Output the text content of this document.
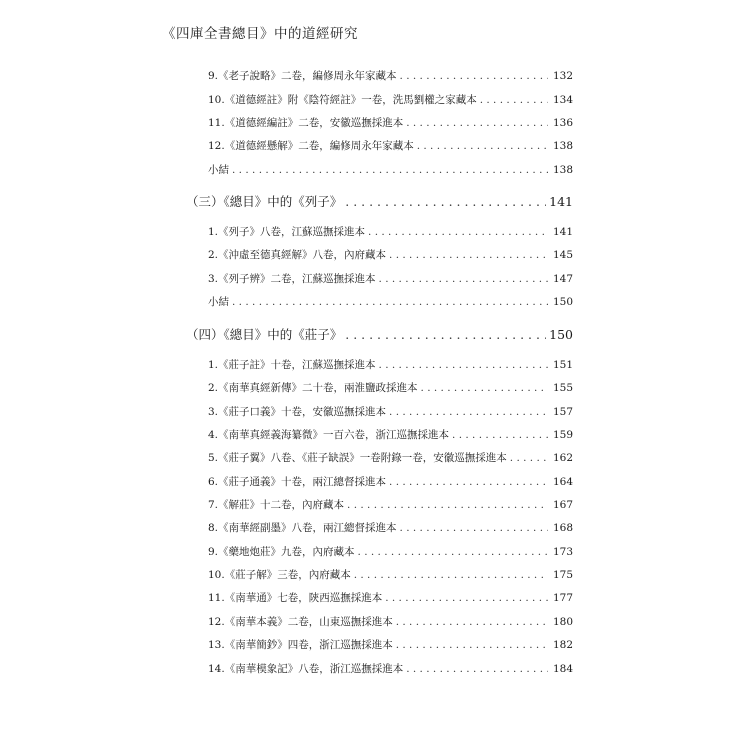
《四庫全書總目》中的道經研究
9.《老子說略》二卷，編修周永年家藏本 . . .	132
10.《道德經註》附《陰符經註》一卷，洗馬劉權之家藏本 . . .	134
11.《道德經編註》二卷，安徽巡撫採進本 . . .	136
12.《道德經懸解》二卷，編修周永年家藏本 . . .	138
小結 . . .	138
（三）《總目》中的《列子》 . . .	141
1.《列子》八卷，江蘇巡撫採進本 . . .	141
2.《沖虛至德真經解》八卷，內府藏本 . . .	145
3.《列子辨》二卷，江蘇巡撫採進本 . . .	147
小結 . . .	150
（四）《總目》中的《莊子》 . . .	150
1.《莊子註》十卷，江蘇巡撫採進本 . . .	151
2.《南華真經新傳》二十卷，兩淮鹽政採進本 . . .	155
3.《莊子口義》十卷，安徽巡撫採進本 . . .	157
4.《南華真經義海纂微》一百六卷，浙江巡撫採進本 . . .	159
5.《莊子翼》八卷、《莊子缺誤》一卷附錄一卷，安徽巡撫採進本 . . .	162
6.《莊子通義》十卷，兩江總督採進本 . . .	164
7.《解莊》十二卷，內府藏本 . . .	167
8.《南華經副墨》八卷，兩江總督採進本 . . .	168
9.《藥地炮莊》九卷，內府藏本 . . .	173
10.《莊子解》三卷，內府藏本 . . .	175
11.《南華通》七卷，陝西巡撫採進本 . . .	177
12.《南華本義》二卷，山東巡撫採進本 . . .	180
13.《南華簡鈔》四卷，浙江巡撫採進本 . . .	182
14.《南華模象記》八卷，浙江巡撫採進本 . . .	184
